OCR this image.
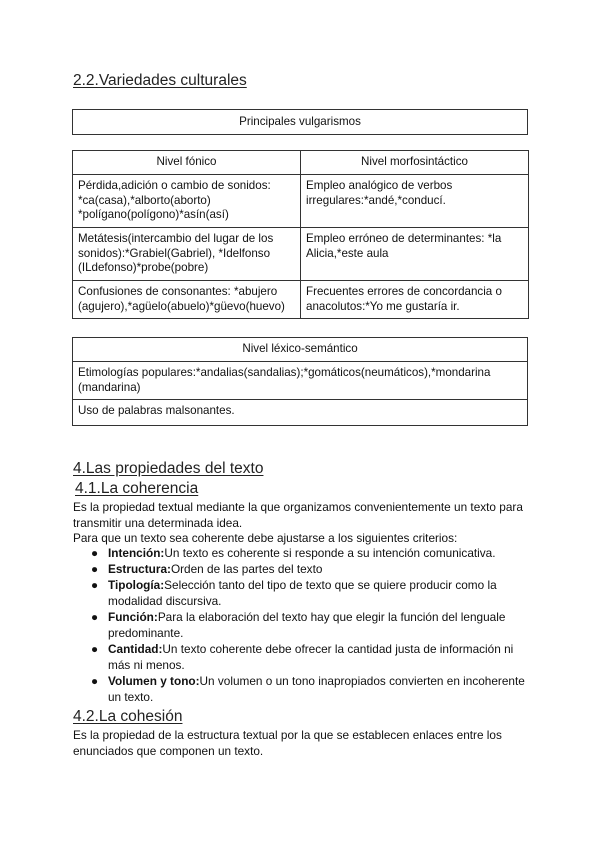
2.2.Variedades culturales
Principales vulgarismos
Nivel fónico	Nivel morfosintáctico
Pérdida,adición o cambio de sonidos: *ca(casa),*alborto(aborto) *polígano(polígono)*asín(así)	Empleo analógico de verbos irregulares:*andé,*conducí.
Metátesis(intercambio del lugar de los sonidos):*Grabiel(Gabriel), *Idelfonso (ILdefonso)*probe(pobre)	Empleo erróneo de determinantes: *la Alicia,*este aula
Confusiones de consonantes: *abujero (agujero),*agüelo(abuelo)*güevo(huevo)	Frecuentes errores de concordancia o anacolutos:*Yo me gustaría ir.
Nivel léxico-semántico
Etimologías populares:*andalias(sandalias);*gomáticos(neumáticos),*mondarina (mandarina)
Uso de palabras malsonantes.
4.Las propiedades del texto
4.1.La coherencia

Es la propiedad textual mediante la que organizamos convenientemente un texto para transmitir una determinada idea.

Para que un texto sea coherente debe ajustarse a los siguientes criterios:

● Intención:Un texto es coherente si responde a su intención comunicativa.
● Estructura:Orden de las partes del texto
● Tipología:Selección tanto del tipo de texto que se quiere producir como la modalidad discursiva.
● Función:Para la elaboración del texto hay que elegir la función del lenguale predominante.
● Cantidad:Un texto coherente debe ofrecer la cantidad justa de información ni más ni menos.
● Volumen y tono:Un volumen o un tono inapropiados convierten en incoherente un texto.
4.2.La cohesión

Es la propiedad de la estructura textual por la que se establecen enlaces entre los enunciados que componen un texto.
